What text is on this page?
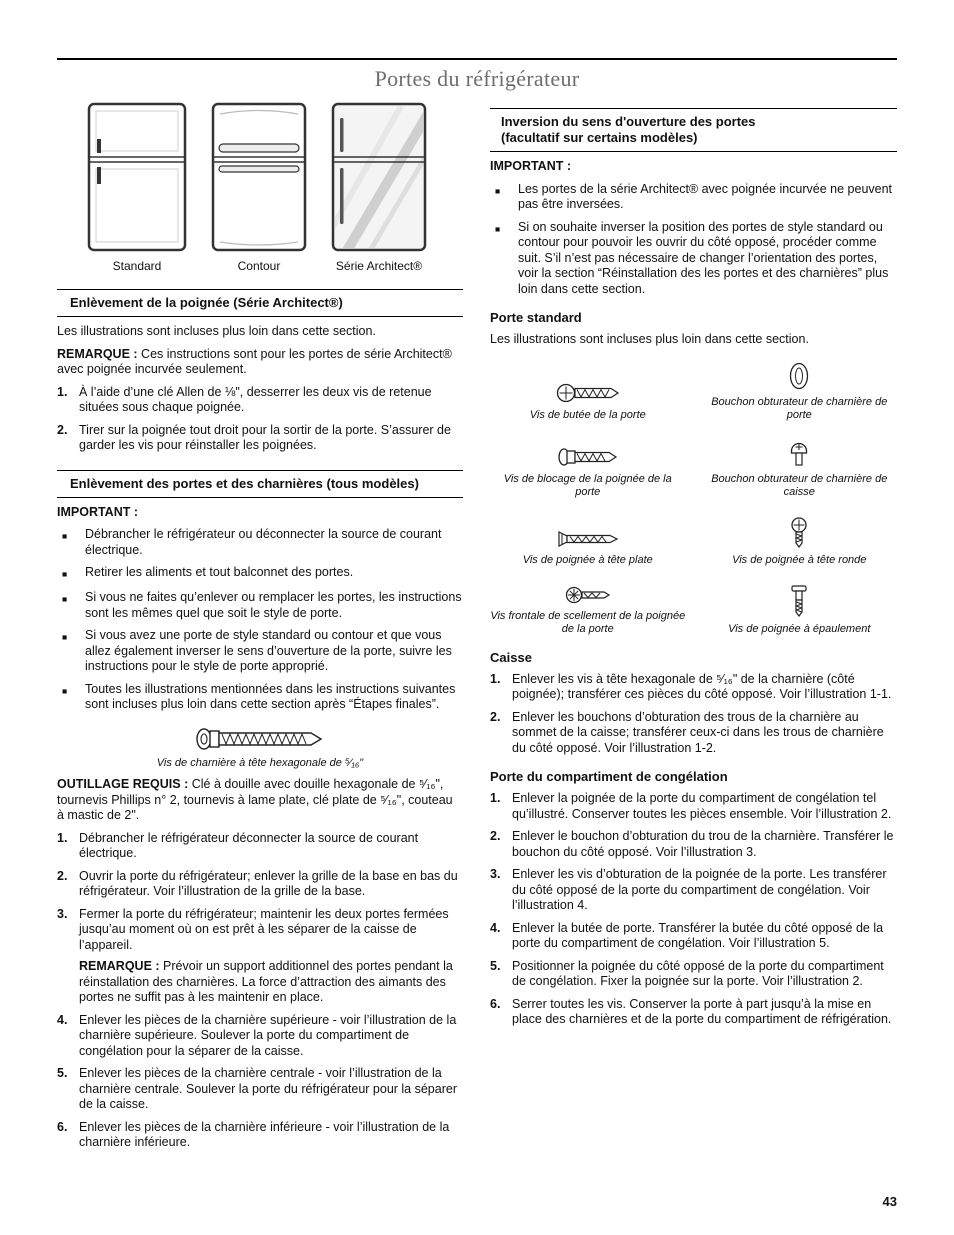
Portes du réfrigérateur
Standard	Contour	Série Architect®
Enlèvement de la poignée (Série Architect®)

Les illustrations sont incluses plus loin dans cette section.

REMARQUE : Ces instructions sont pour les portes de série Architect® avec poignée incurvée seulement.

1. À l’aide d’une clé Allen de ⅛", desserrer les deux vis de retenue situées sous chaque poignée.
2. Tirer sur la poignée tout droit pour la sortir de la porte. S’assurer de garder les vis pour réinstaller les poignées.
Enlèvement des portes et des charnières (tous modèles)

IMPORTANT :

■
Débrancher le réfrigérateur ou déconnecter la source de courant électrique.
■
Retirer les aliments et tout balconnet des portes.
■
Si vous ne faites qu’enlever ou remplacer les portes, les instructions sont les mêmes quel que soit le style de porte.
■
Si vous avez une porte de style standard ou contour et que vous allez également inverser le sens d’ouverture de la porte, suivre les instructions pour le style de porte approprié.
■
Toutes les illustrations mentionnées dans les instructions suivantes sont incluses plus loin dans cette section après “Étapes finales”.
Vis de charnière à tête hexagonale de ⁵⁄₁₆"

OUTILLAGE REQUIS : Clé à douille avec douille hexagonale de ⁵⁄₁₆", tournevis Phillips n° 2, tournevis à lame plate, clé plate de ⁵⁄₁₆", couteau à mastic de 2".

1. Débrancher le réfrigérateur déconnecter la source de courant électrique.
2. Ouvrir la porte du réfrigérateur; enlever la grille de la base en bas du réfrigérateur. Voir l’illustration de la grille de la base.
3. Fermer la porte du réfrigérateur; maintenir les deux portes fermées jusqu’au moment où on est prêt à les séparer de la caisse de l’appareil.
REMARQUE : Prévoir un support additionnel des portes pendant la réinstallation des charnières. La force d’attraction des aimants des portes ne suffit pas à les maintenir en place.
4. Enlever les pièces de la charnière supérieure - voir l’illustration de la charnière supérieure. Soulever la porte du compartiment de congélation pour la séparer de la caisse.
5. Enlever les pièces de la charnière centrale - voir l’illustration de la charnière centrale. Soulever la porte du réfrigérateur pour la séparer de la caisse.
6. Enlever les pièces de la charnière inférieure - voir l’illustration de la charnière inférieure.
Inversion du sens d'ouverture des portes
(facultatif sur certains modèles)

IMPORTANT :

■
Les portes de la série Architect® avec poignée incurvée ne peuvent pas être inversées.
■
Si on souhaite inverser la position des portes de style standard ou contour pour pouvoir les ouvrir du côté opposé, procéder comme suit. S’il n’est pas nécessaire de changer l’orientation des portes, voir la section “Réinstallation des les portes et des charnières” plus loin dans cette section.
Porte standard

Les illustrations sont incluses plus loin dans cette section.

Vis de butée de la porte
Bouchon obturateur de charnière de porte
Vis de blocage de la poignée de la porte
Bouchon obturateur de charnière de caisse
Vis de poignée à tête plate	Vis de poignée à tête ronde
Vis frontale de scellement de la poignée de la porte	Vis de poignée à épaulement
Caisse
1. Enlever les vis à tête hexagonale de ⁵⁄₁₆" de la charnière (côté poignée); transférer ces pièces du côté opposé. Voir l’illustration 1-1.
2. Enlever les bouchons d’obturation des trous de la charnière au sommet de la caisse; transférer ceux-ci dans les trous de charnière du côté opposé. Voir l’illustration 1-2.
Porte du compartiment de congélation
1. Enlever la poignée de la porte du compartiment de congélation tel qu’illustré. Conserver toutes les pièces ensemble. Voir l’illustration 2.
2. Enlever le bouchon d’obturation du trou de la charnière. Transférer le bouchon du côté opposé. Voir l’illustration 3.
3. Enlever les vis d’obturation de la poignée de la porte. Les transférer du côté opposé de la porte du compartiment de congélation. Voir l’illustration 4.
4. Enlever la butée de porte. Transférer la butée du côté opposé de la porte du compartiment de congélation. Voir l’illustration 5.
5. Positionner la poignée du côté opposé de la porte du compartiment de congélation. Fixer la poignée sur la porte. Voir l’illustration 2.
6. Serrer toutes les vis. Conserver la porte à part jusqu’à la mise en place des charnières et de la porte du compartiment de réfrigération.
43
